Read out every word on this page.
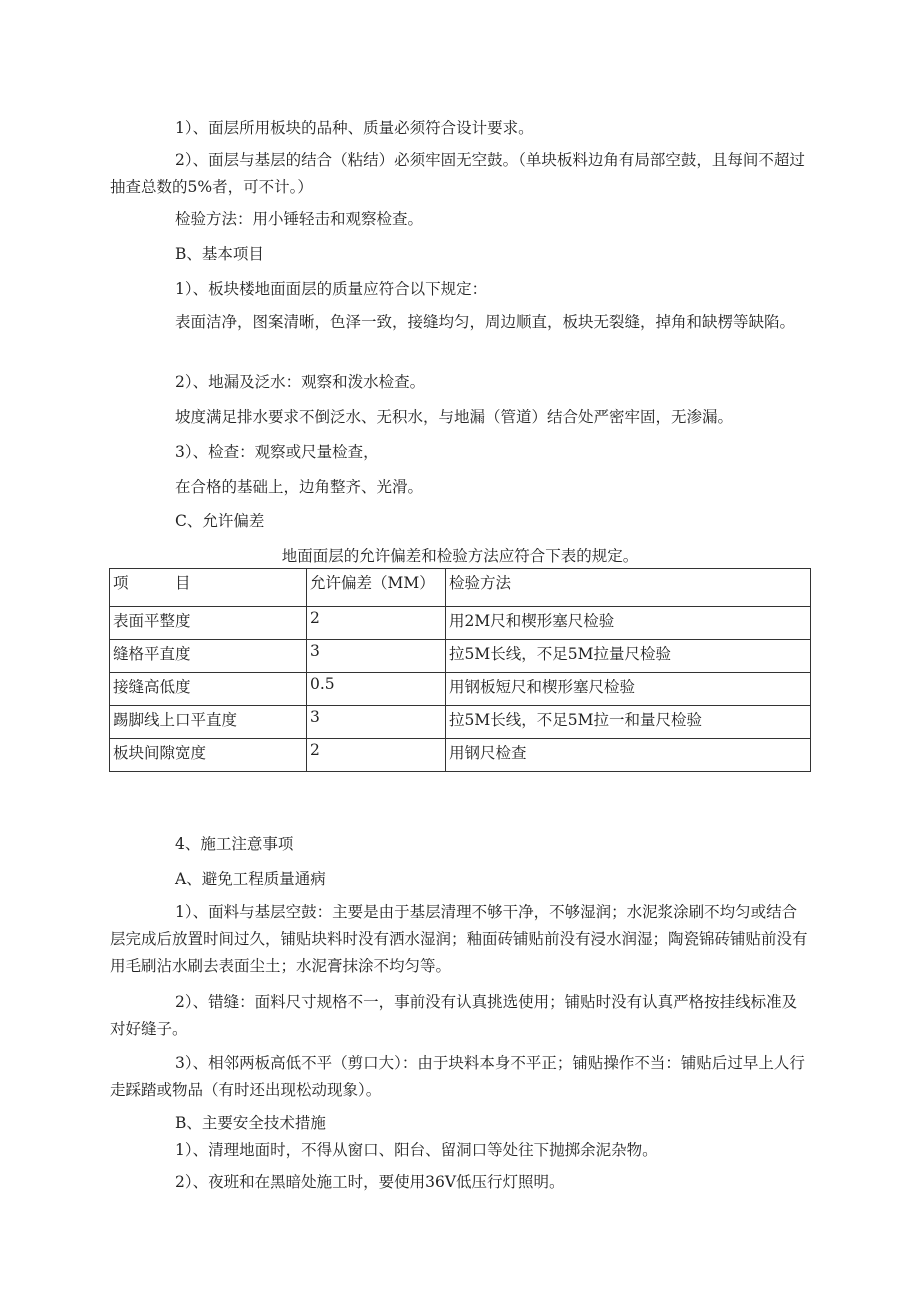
1）、面层所用板块的品种、质量必须符合设计要求。

2）、面层与基层的结合（粘结）必须牢固无空鼓。（单块板料边角有局部空鼓，且每间不超过抽查总数的5%者，可不计。）

检验方法：用小锤轻击和观察检查。

B、基本项目

1）、板块楼地面面层的质量应符合以下规定：

表面洁净，图案清晰，色泽一致，接缝均匀，周边顺直，板块无裂缝，掉角和缺楞等缺陷。

2）、地漏及泛水：观察和泼水检查。

坡度满足排水要求不倒泛水、无积水，与地漏（管道）结合处严密牢固，无渗漏。

3）、检查：观察或尺量检查，

在合格的基础上，边角整齐、光滑。

C、允许偏差

地面面层的允许偏差和检验方法应符合下表的规定。

项　　　目	允许偏差（MM）	检验方法
表面平整度	2	用2M尺和楔形塞尺检验
缝格平直度	3	拉5M长线，不足5M拉量尺检验
接缝高低度	0.5	用钢板短尺和楔形塞尺检验
踢脚线上口平直度	3	拉5M长线，不足5M拉一和量尺检验
板块间隙宽度	2	用钢尺检查

4、施工注意事项

A、避免工程质量通病

1）、面料与基层空鼓：主要是由于基层清理不够干净，不够湿润；水泥浆涂刷不均匀或结合层完成后放置时间过久，铺贴块料时没有洒水湿润；釉面砖铺贴前没有浸水润湿；陶瓷锦砖铺贴前没有用毛刷沾水刷去表面尘土；水泥膏抹涂不均匀等。

2）、错缝：面料尺寸规格不一，事前没有认真挑选使用；铺贴时没有认真严格按挂线标准及对好缝子。

3）、相邻两板高低不平（剪口大）：由于块料本身不平正；铺贴操作不当：铺贴后过早上人行走踩踏或物品（有时还出现松动现象）。

B、主要安全技术措施

1）、清理地面时，不得从窗口、阳台、留洞口等处往下抛掷余泥杂物。

2）、夜班和在黑暗处施工时，要使用36V低压行灯照明。
